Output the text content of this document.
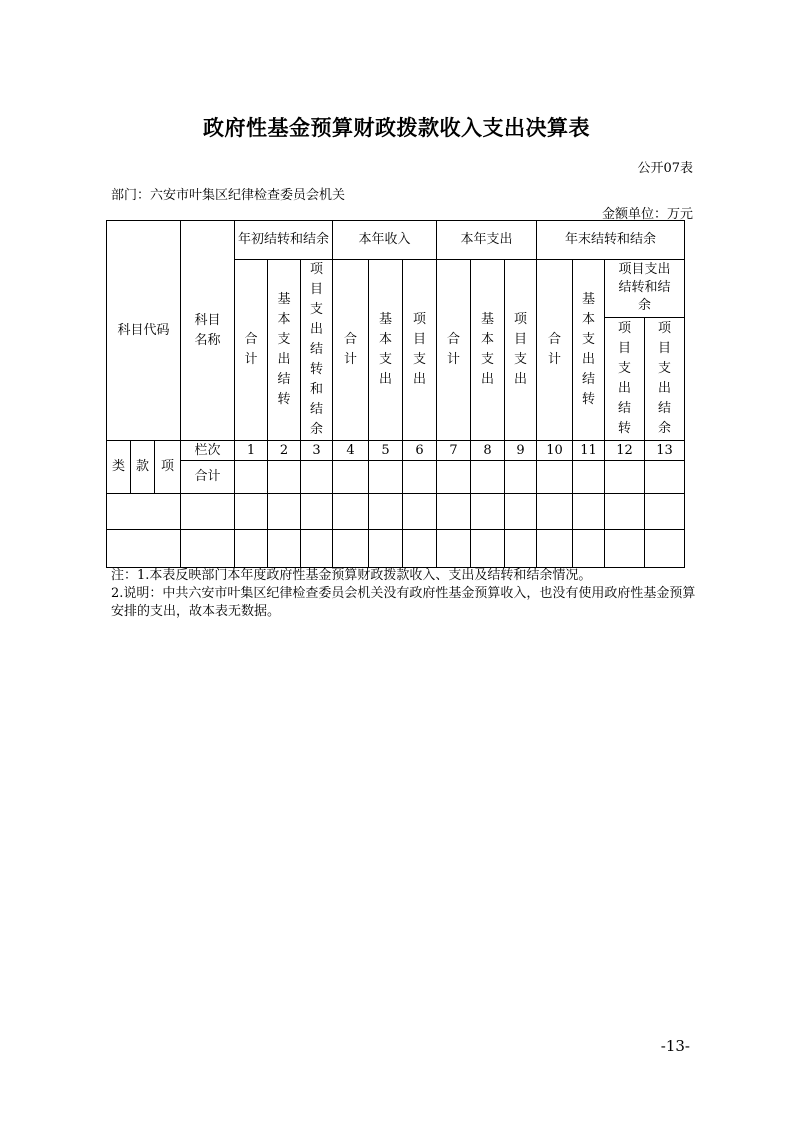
政府性基金预算财政拨款收入支出决算表
公开07表
部门：六安市叶集区纪律检查委员会机关
金额单位：万元
科目代码			科目名称	年初结转和结余			本年收入			本年支出			年末结转和结余			
				合计	基本支出结转	项目支出结转和结余	合计	基本支出	项目支出	合计	基本支出	项目支出	合计	基本支出结转	项目支出结转和结余	
															项目支出结转	项目支出结余
类	款	项	栏次	1	2	3	4	5	6	7	8	9	10	11	12	13
			合计													

注：1.本表反映部门本年度政府性基金预算财政拨款收入、支出及结转和结余情况。

2.说明：中共六安市叶集区纪律检查委员会机关没有政府性基金预算收入，也没有使用政府性基金预算安排的支出，故本表无数据。

-13-
